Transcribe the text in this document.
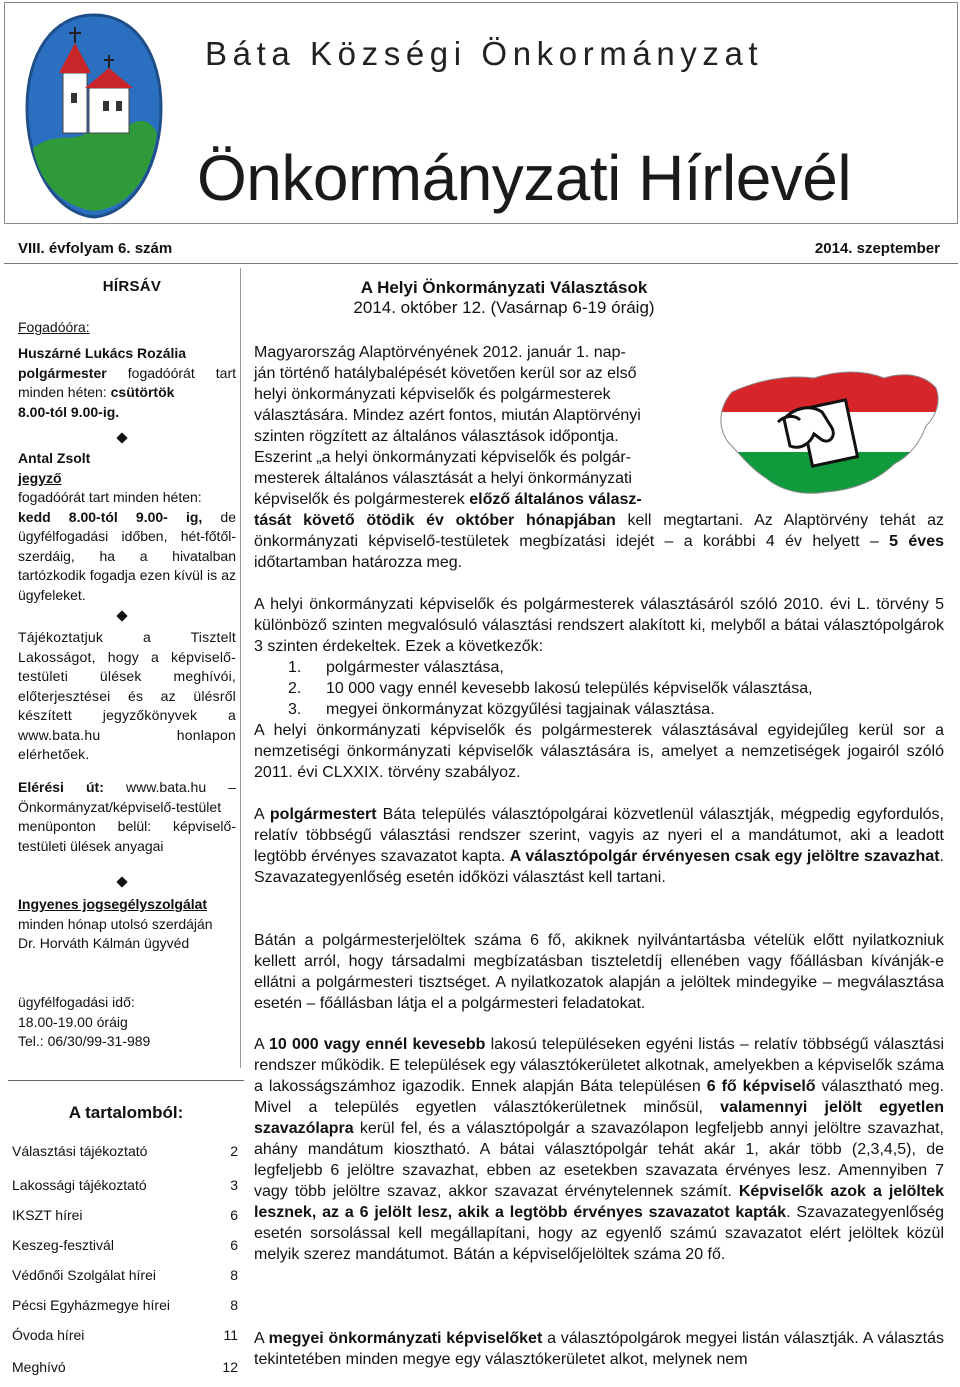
Báta Községi Önkormányzat
Önkormányzati Hírlevél
VIII. évfolyam 6. szám	2014. szeptember
HÍRSÁV
Fogadóóra:
Huszárné Lukács Rozália
polgármester fogadóórát tart minden héten: csütörtök
8.00-tól 9.00-ig.
Antal Zsolt
jegyző
fogadóórát tart minden héten:
kedd 8.00-tól 9.00- ig, de ügyfélfogadási időben, hét-főtől- szerdáig, ha a hivatalban tartózkodik fogadja ezen kívül is az ügyfeleket.
Tájékoztatjuk a Tisztelt Lakosságot, hogy a képviselő-testületi ülések meghívói, előterjesztései és az ülésről készített jegyzőkönyvek a www.bata.hu honlapon elérhetőek.
Elérési út: www.bata.hu – Önkormányzat/képviselő-testület menüponton belül: képviselő-testületi ülések anyagai
Ingyenes jogsegélyszolgálat
minden hónap utolsó szerdáján
Dr. Horváth Kálmán ügyvéd
ügyfélfogadási idő:
18.00-19.00 óráig
Tel.: 06/30/99-31-989
A tartalomból:
Választási tájékoztató	2
Lakossági tájékoztató	3
IKSZT hírei	6
Keszeg-fesztivál	6
Védőnői Szolgálat hírei	8
Pécsi Egyházmegye hírei	8
Óvoda hírei	11
Meghívó	12
A Helyi Önkormányzati Választások
2014. október 12. (Vasárnap 6-19 óráig)
Magyarország Alaptörvényének 2012. január 1. nap-
ján történő hatálybalépését követően kerül sor az első
helyi önkormányzati képviselők és polgármesterek
választására. Mindez azért fontos, miután Alaptörvényi
szinten rögzített az általános választások időpontja.
Eszerint „a helyi önkormányzati képviselők és polgár-
mesterek általános választását a helyi önkormányzati
képviselők és polgármesterek előző általános válasz-
tását követő ötödik év október hónapjában kell megtartani. Az Alaptörvény tehát az önkormányzati képviselő-testületek megbízatási idejét – a korábbi 4 év helyett – 5 éves időtartamban határozza meg.
A helyi önkormányzati képviselők és polgármesterek választásáról szóló 2010. évi L. törvény 5 különböző szinten megvalósuló választási rendszert alakított ki, melyből a bátai választópolgárok 3 szinten érdekeltek. Ezek a következők:
1. polgármester választása,
2. 10 000 vagy ennél kevesebb lakosú település képviselők választása,
3. megyei önkormányzat közgyűlési tagjainak választása.
A helyi önkormányzati képviselők és polgármesterek választásával egyidejűleg kerül sor a nemzetiségi önkormányzati képviselők választására is, amelyet a nemzetiségek jogairól szóló 2011. évi CLXXIX. törvény szabályoz.
A polgármestert Báta település választópolgárai közvetlenül választják, mégpedig egyfordulós, relatív többségű választási rendszer szerint, vagyis az nyeri el a mandátumot, aki a leadott legtöbb érvényes szavazatot kapta. A választópolgár érvényesen csak egy jelöltre szavazhat. Szavazategyenlőség esetén időközi választást kell tartani.
Bátán a polgármesterjelöltek száma 6 fő, akiknek nyilvántartásba vételük előtt nyilatkozniuk kellett arról, hogy társadalmi megbízatásban tiszteletdíj ellenében vagy főállásban kívánják-e ellátni a polgármesteri tisztséget. A nyilatkozatok alapján a jelöltek mindegyike – megválasztása esetén – főállásban látja el a polgármesteri feladatokat.
A 10 000 vagy ennél kevesebb lakosú településeken egyéni listás – relatív többségű választási rendszer működik. E települések egy választókerületet alkotnak, amelyekben a képviselők száma a lakosságszámhoz igazodik. Ennek alapján Báta településen 6 fő képviselő választható meg. Mivel a település egyetlen választókerületnek minősül, valamennyi jelölt egyetlen szavazólapra kerül fel, és a választópolgár a szavazólapon legfeljebb annyi jelöltre szavazhat, ahány mandátum kiosztható. A bátai választópolgár tehát akár 1, akár több (2,3,4,5), de legfeljebb 6 jelöltre szavazhat, ebben az esetekben szavazata érvényes lesz. Amennyiben 7 vagy több jelöltre szavaz, akkor szavazat érvénytelennek számít. Képviselők azok a jelöltek lesznek, az a 6 jelölt lesz, akik a legtöbb érvényes szavazatot kapták. Szavazategyenlőség esetén sorsolással kell megállapítani, hogy az egyenlő számú szavazatot elért jelöltek közül melyik szerez mandátumot. Bátán a képviselőjelöltek száma 20 fő.
A megyei önkormányzati képviselőket a választópolgárok megyei listán választják. A választás tekintetében minden megye egy választókerületet alkot, melynek nem
